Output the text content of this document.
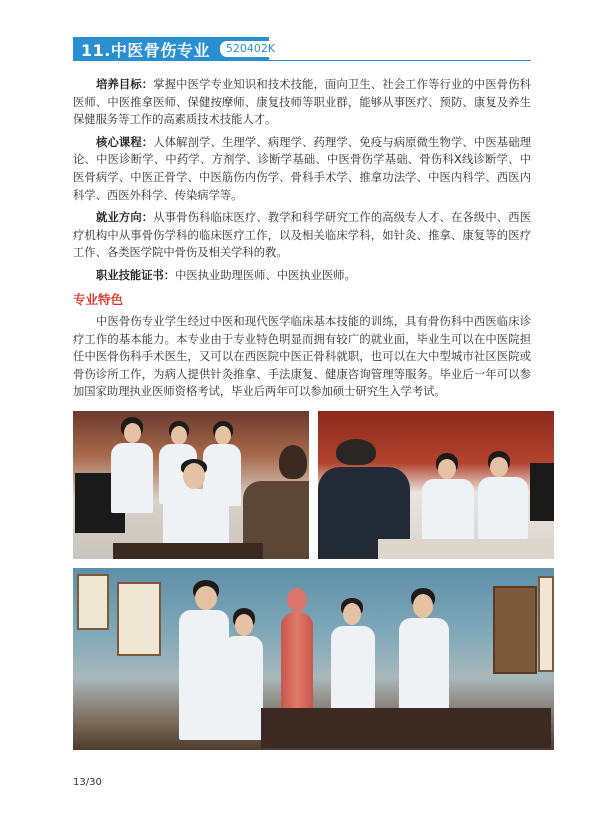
11.中医骨伤专业	520402K

培养目标：掌握中医学专业知识和技术技能，面向卫生、社会工作等行业的中医骨伤科医师、中医推拿医师、保健按摩师、康复技师等职业群，能够从事医疗、预防、康复及养生保健服务等工作的高素质技术技能人才。

核心课程：人体解剖学、生理学、病理学、药理学、免疫与病原微生物学、中医基础理论、中医诊断学、中药学、方剂学、诊断学基础、中医骨伤学基础、骨伤科X线诊断学、中医骨病学、中医正骨学、中医筋伤内伤学、骨科手术学、推拿功法学、中医内科学、西医内科学、西医外科学、传染病学等。

就业方向：从事骨伤科临床医疗、教学和科学研究工作的高级专人才、在各级中、西医疗机构中从事骨伤学科的临床医疗工作，以及相关临床学科，如针灸、推拿、康复等的医疗工作、各类医学院中骨伤及相关学科的教。

职业技能证书：中医执业助理医师、中医执业医师。

专业特色

中医骨伤专业学生经过中医和现代医学临床基本技能的训练，具有骨伤科中西医临床诊疗工作的基本能力。本专业由于专业特色明显而拥有较广的就业面，毕业生可以在中医院担任中医骨伤科手术医生，又可以在西医院中医正骨科就职，也可以在大中型城市社区医院或骨伤诊所工作，为病人提供针灸推拿、手法康复、健康咨询管理等服务。毕业后一年可以参加国家助理执业医师资格考试，毕业后两年可以参加硕士研究生入学考试。

13/30
